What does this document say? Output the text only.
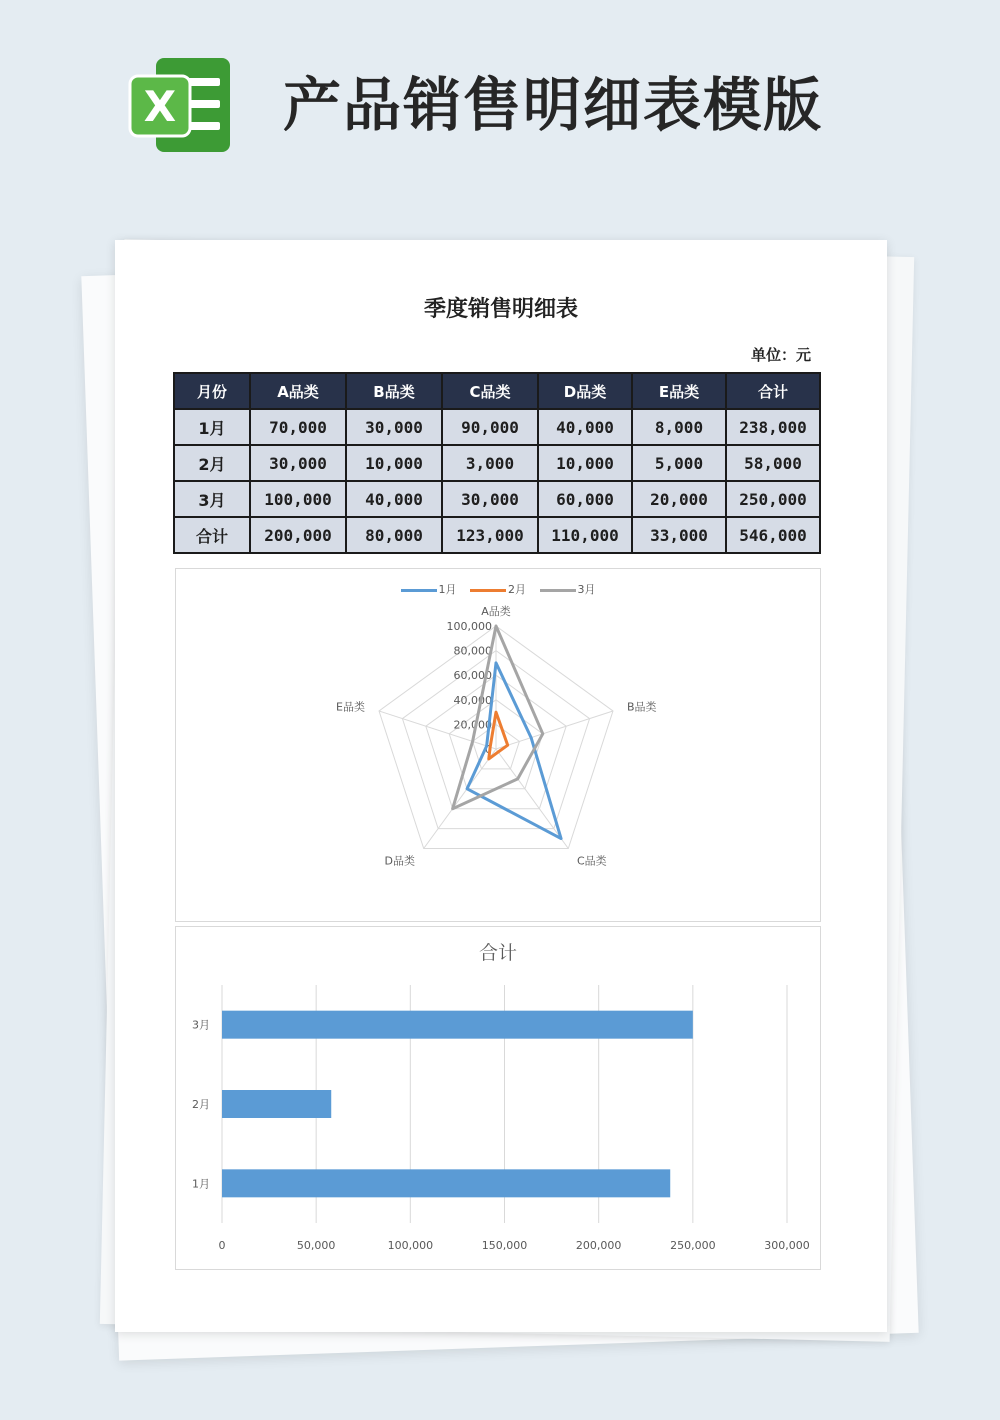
X 产品销售明细表模版
季度销售明细表
单位：元
月份	A品类	B品类	C品类	D品类	E品类	合计
1月	70,000	30,000	90,000	40,000	8,000	238,000
2月	30,000	10,000	3,000	10,000	5,000	58,000
3月	100,000	40,000	30,000	60,000	20,000	250,000
合计	200,000	80,000	123,000	110,000	33,000	546,000
1月	2月	3月
0
20,000
40,000
60,000
80,000
100,000
A品类
B品类
C品类
D品类
E品类
合计
0	50,000	100,000	150,000	200,000	250,000	300,000
1月
2月
3月
